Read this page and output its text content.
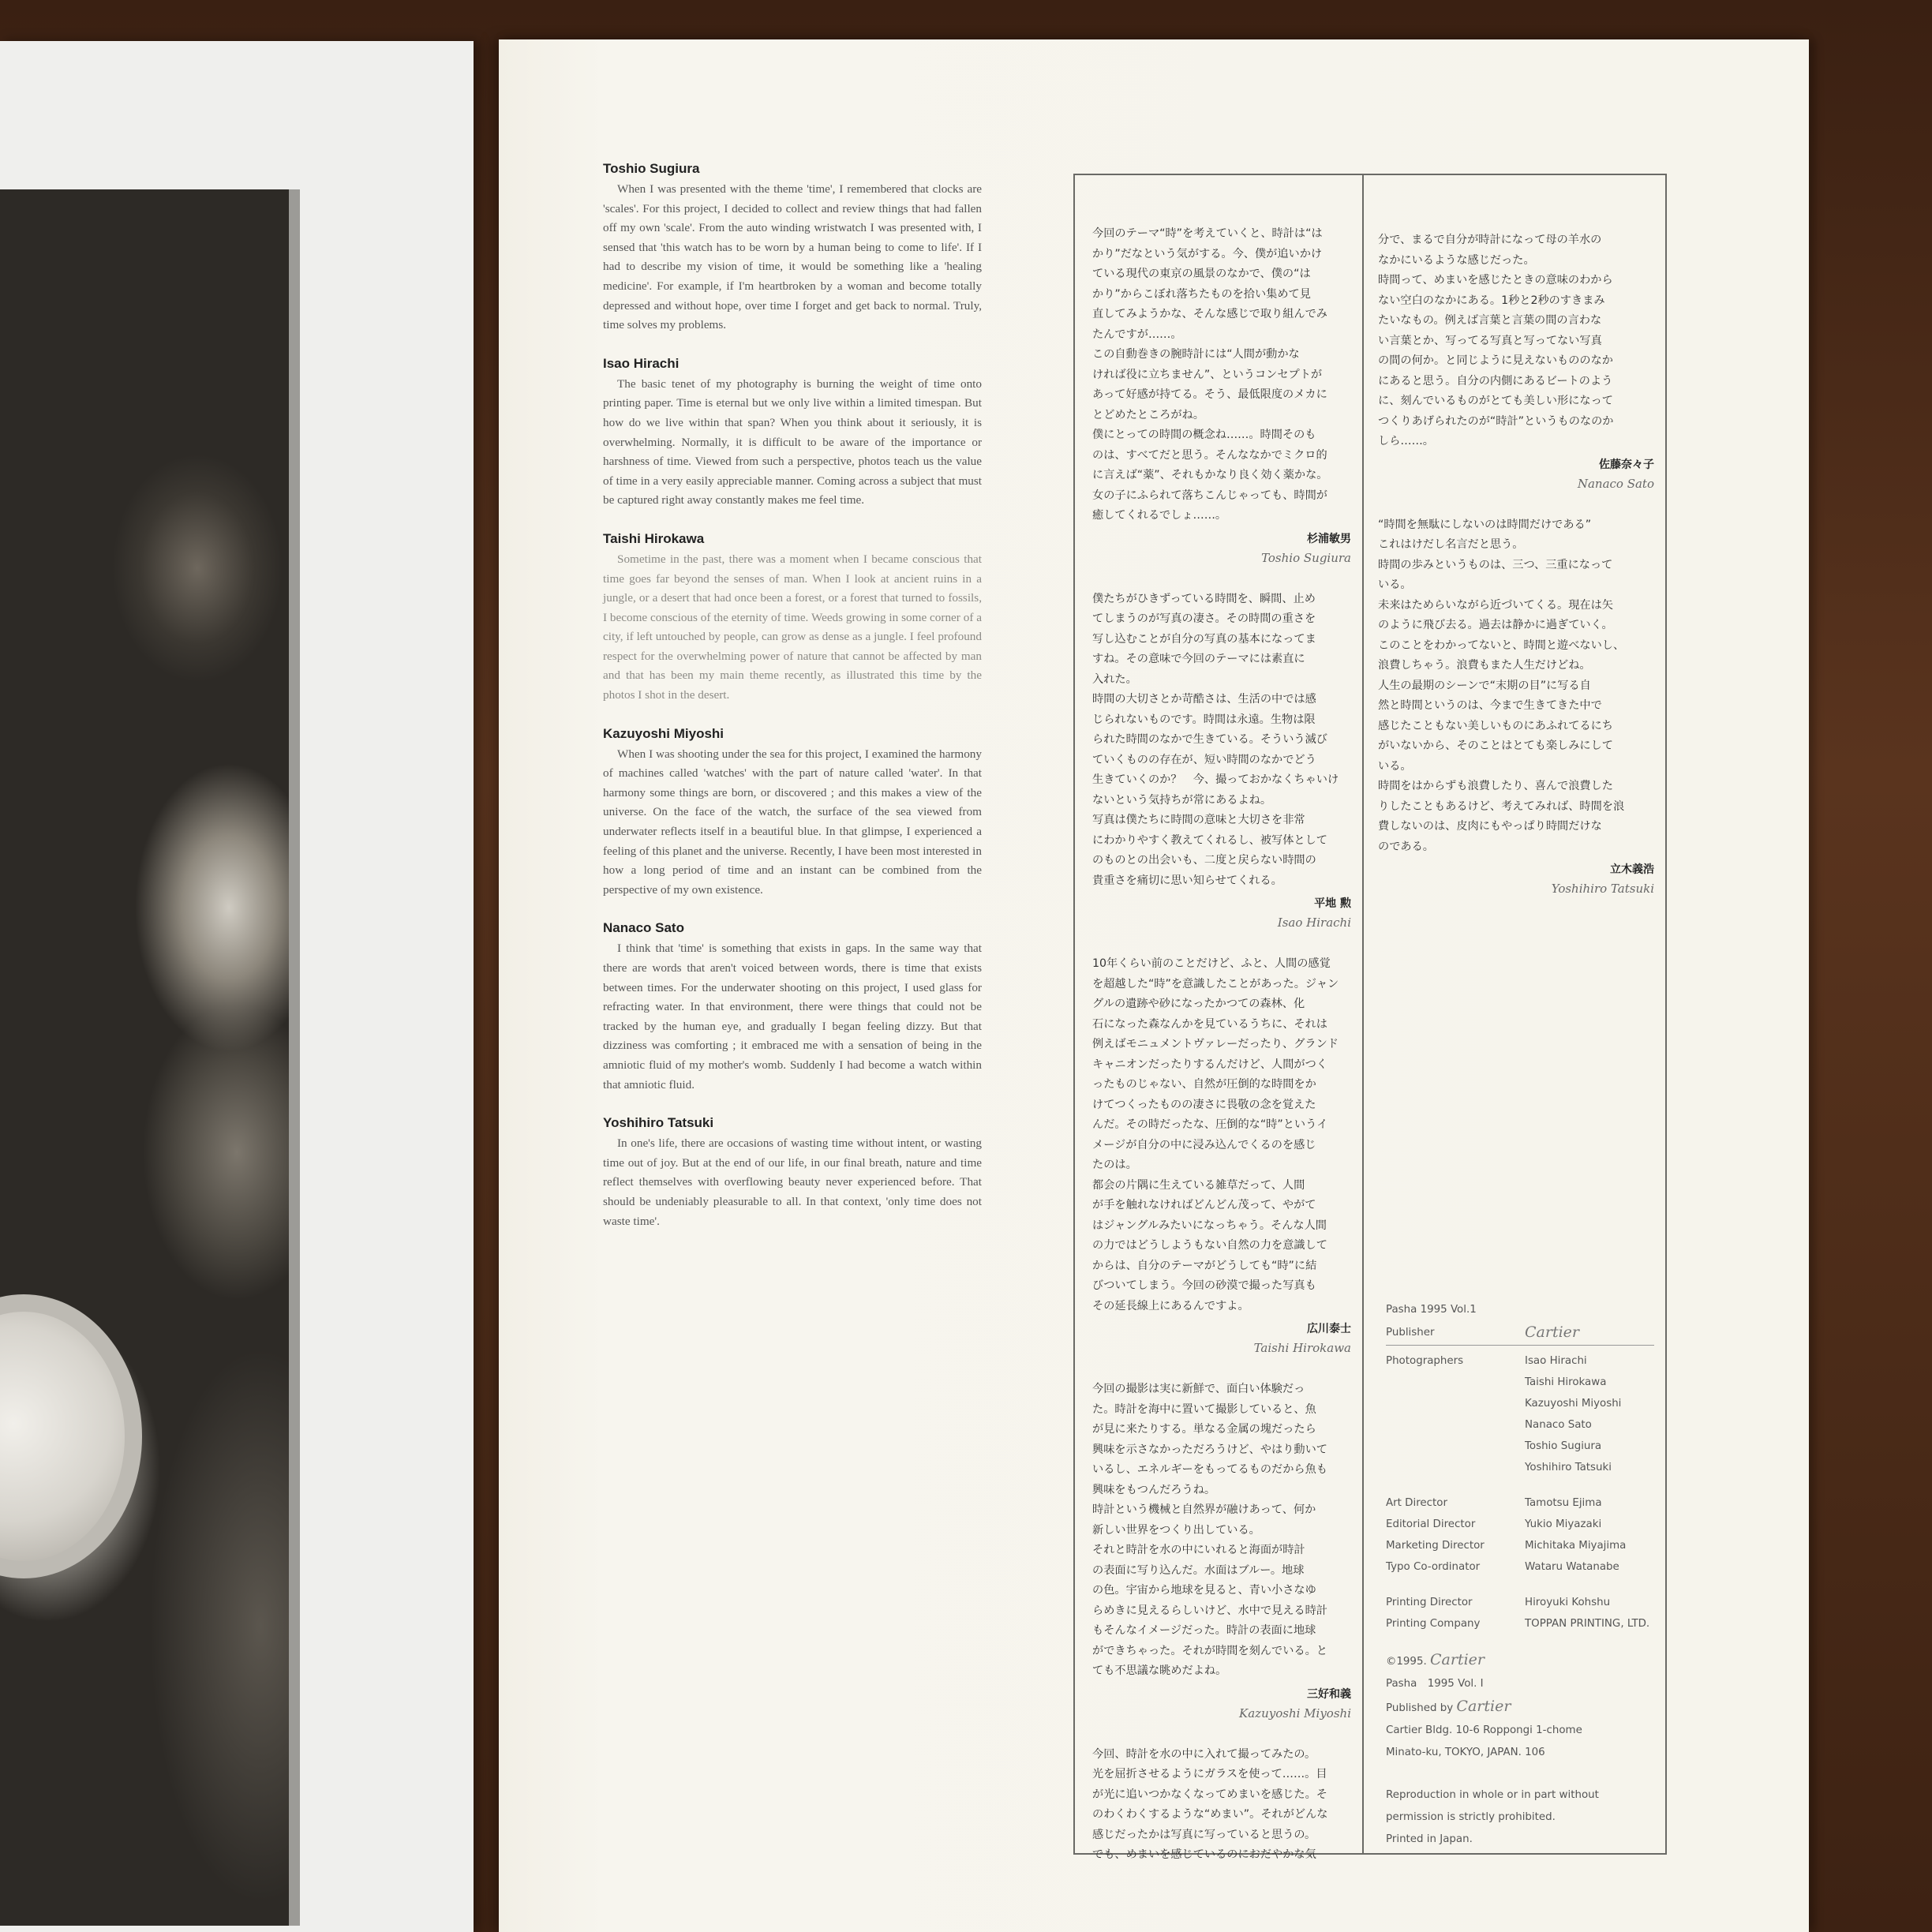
Toshio Sugiura
When I was presented with the theme 'time', I remembered that clocks are 'scales'. For this project, I decided to collect and review things that had fallen off my own 'scale'. From the auto winding wristwatch I was presented with, I sensed that 'this watch has to be worn by a human being to come to life'. If I had to describe my vision of time, it would be something like a 'healing medicine'. For example, if I'm heartbroken by a woman and become totally depressed and without hope, over time I forget and get back to normal. Truly, time solves my problems.
Isao Hirachi
The basic tenet of my photography is burning the weight of time onto printing paper. Time is eternal but we only live within a limited timespan. But how do we live within that span? When you think about it seriously, it is overwhelming. Normally, it is difficult to be aware of the importance or harshness of time. Viewed from such a perspective, photos teach us the value of time in a very easily appreciable manner. Coming across a subject that must be captured right away constantly makes me feel time.
Taishi Hirokawa
Sometime in the past, there was a moment when I became conscious that time goes far beyond the senses of man. When I look at ancient ruins in a jungle, or a desert that had once been a forest, or a forest that turned to fossils, I become conscious of the eternity of time. Weeds growing in some corner of a city, if left untouched by people, can grow as dense as a jungle. I feel profound respect for the overwhelming power of nature that cannot be affected by man and that has been my main theme recently, as illustrated this time by the photos I shot in the desert.
Kazuyoshi Miyoshi
When I was shooting under the sea for this project, I examined the harmony of machines called 'watches' with the part of nature called 'water'. In that harmony some things are born, or discovered ; and this makes a view of the universe. On the face of the watch, the surface of the sea viewed from underwater reflects itself in a beautiful blue. In that glimpse, I experienced a feeling of this planet and the universe. Recently, I have been most interested in how a long period of time and an instant can be combined from the perspective of my own existence.
Nanaco Sato
I think that 'time' is something that exists in gaps. In the same way that there are words that aren't voiced between words, there is time that exists between times. For the underwater shooting on this project, I used glass for refracting water. In that environment, there were things that could not be tracked by the human eye, and gradually I began feeling dizzy. But that dizziness was comforting ; it embraced me with a sensation of being in the amniotic fluid of my mother's womb. Suddenly I had become a watch within that amniotic fluid.
Yoshihiro Tatsuki
In one's life, there are occasions of wasting time without intent, or wasting time out of joy. But at the end of our life, in our final breath, nature and time reflect themselves with overflowing beauty never experienced before. That should be undeniably pleasurable to all. In that context, 'only time does not waste time'.
今回のテーマ“時”を考えていくと、時計は“は
かり”だなという気がする。今、僕が追いかけ
ている現代の東京の風景のなかで、僕の“は
かり”からこぼれ落ちたものを拾い集めて見
直してみようかな、そんな感じで取り組んでみ
たんですが……。
この自動巻きの腕時計には“人間が動かな
ければ役に立ちません”、というコンセプトが
あって好感が持てる。そう、最低限度のメカに
とどめたところがね。
僕にとっての時間の概念ね……。時間そのも
のは、すべてだと思う。そんななかでミクロ的
に言えば“薬”、それもかなり良く効く薬かな。
女の子にふられて落ちこんじゃっても、時間が
癒してくれるでしょ……。
杉浦敏男
Toshio Sugiura
僕たちがひきずっている時間を、瞬間、止め
てしまうのが写真の凄さ。その時間の重さを
写し込むことが自分の写真の基本になってま
すね。その意味で今回のテーマには素直に
入れた。
時間の大切さとか苛酷さは、生活の中では感
じられないものです。時間は永遠。生物は限
られた時間のなかで生きている。そういう滅び
ていくものの存在が、短い時間のなかでどう
生きていくのか？　今、撮っておかなくちゃいけ
ないという気持ちが常にあるよね。
写真は僕たちに時間の意味と大切さを非常
にわかりやすく教えてくれるし、被写体として
のものとの出会いも、二度と戻らない時間の
貴重さを痛切に思い知らせてくれる。
平地 勲
Isao Hirachi
10年くらい前のことだけど、ふと、人間の感覚
を超越した“時”を意識したことがあった。ジャン
グルの遺跡や砂になったかつての森林、化
石になった森なんかを見ているうちに、それは
例えばモニュメントヴァレーだったり、グランド
キャニオンだったりするんだけど、人間がつく
ったものじゃない、自然が圧倒的な時間をか
けてつくったものの凄さに畏敬の念を覚えた
んだ。その時だったな、圧倒的な“時”というイ
メージが自分の中に浸み込んでくるのを感じ
たのは。
都会の片隅に生えている雑草だって、人間
が手を触れなければどんどん茂って、やがて
はジャングルみたいになっちゃう。そんな人間
の力ではどうしようもない自然の力を意識して
からは、自分のテーマがどうしても“時”に結
びついてしまう。今回の砂漠で撮った写真も
その延長線上にあるんですよ。
広川泰士
Taishi Hirokawa
今回の撮影は実に新鮮で、面白い体験だっ
た。時計を海中に置いて撮影していると、魚
が見に来たりする。単なる金属の塊だったら
興味を示さなかっただろうけど、やはり動いて
いるし、エネルギーをもってるものだから魚も
興味をもつんだろうね。
時計という機械と自然界が融けあって、何か
新しい世界をつくり出している。
それと時計を水の中にいれると海面が時計
の表面に写り込んだ。水面はブルー。地球
の色。宇宙から地球を見ると、青い小さなゆ
らめきに見えるらしいけど、水中で見える時計
もそんなイメージだった。時計の表面に地球
ができちゃった。それが時間を刻んでいる。と
ても不思議な眺めだよね。
三好和義
Kazuyoshi Miyoshi
今回、時計を水の中に入れて撮ってみたの。
光を屈折させるようにガラスを使って……。目
が光に追いつかなくなってめまいを感じた。そ
のわくわくするような“めまい”。それがどんな
感じだったかは写真に写っていると思うの。
でも、めまいを感じているのにおだやかな気
分で、まるで自分が時計になって母の羊水の
なかにいるような感じだった。
時間って、めまいを感じたときの意味のわから
ない空白のなかにある。1秒と2秒のすきまみ
たいなもの。例えば言葉と言葉の間の言わな
い言葉とか、写ってる写真と写ってない写真
の間の何か。と同じように見えないもののなか
にあると思う。自分の内側にあるビートのよう
に、刻んでいるものがとても美しい形になって
つくりあげられたのが“時計”というものなのか
しら……。
佐藤奈々子
Nanaco Sato
“時間を無駄にしないのは時間だけである”
これはけだし名言だと思う。
時間の歩みというものは、三つ、三重になって
いる。
未来はためらいながら近づいてくる。現在は矢
のように飛び去る。過去は静かに過ぎていく。
このことをわかってないと、時間と遊べないし、
浪費しちゃう。浪費もまた人生だけどね。
人生の最期のシーンで“末期の目”に写る自
然と時間というのは、今まで生きてきた中で
感じたこともない美しいものにあふれてるにち
がいないから、そのことはとても楽しみにして
いる。
時間をはからずも浪費したり、喜んで浪費した
りしたこともあるけど、考えてみれば、時間を浪
費しないのは、皮肉にもやっぱり時間だけな
のである。
立木義浩
Yoshihiro Tatsuki
Pasha 1995 Vol.1
Publisher	Cartier
Photographers	Isao Hirachi
Taishi Hirokawa
Kazuyoshi Miyoshi
Nanaco Sato
Toshio Sugiura
Yoshihiro Tatsuki
Art Director	Tamotsu Ejima
Editorial Director	Yukio Miyazaki
Marketing Director	Michitaka Miyajima
Typo Co-ordinator	Wataru Watanabe
Printing Director	Hiroyuki Kohshu
Printing Company	TOPPAN PRINTING, LTD.
©1995. Cartier
Pasha　1995 Vol. I
Published by Cartier
Cartier Bldg. 10-6 Roppongi 1-chome
Minato-ku, TOKYO, JAPAN. 106
Reproduction in whole or in part without
permission is strictly prohibited.
Printed in Japan.
